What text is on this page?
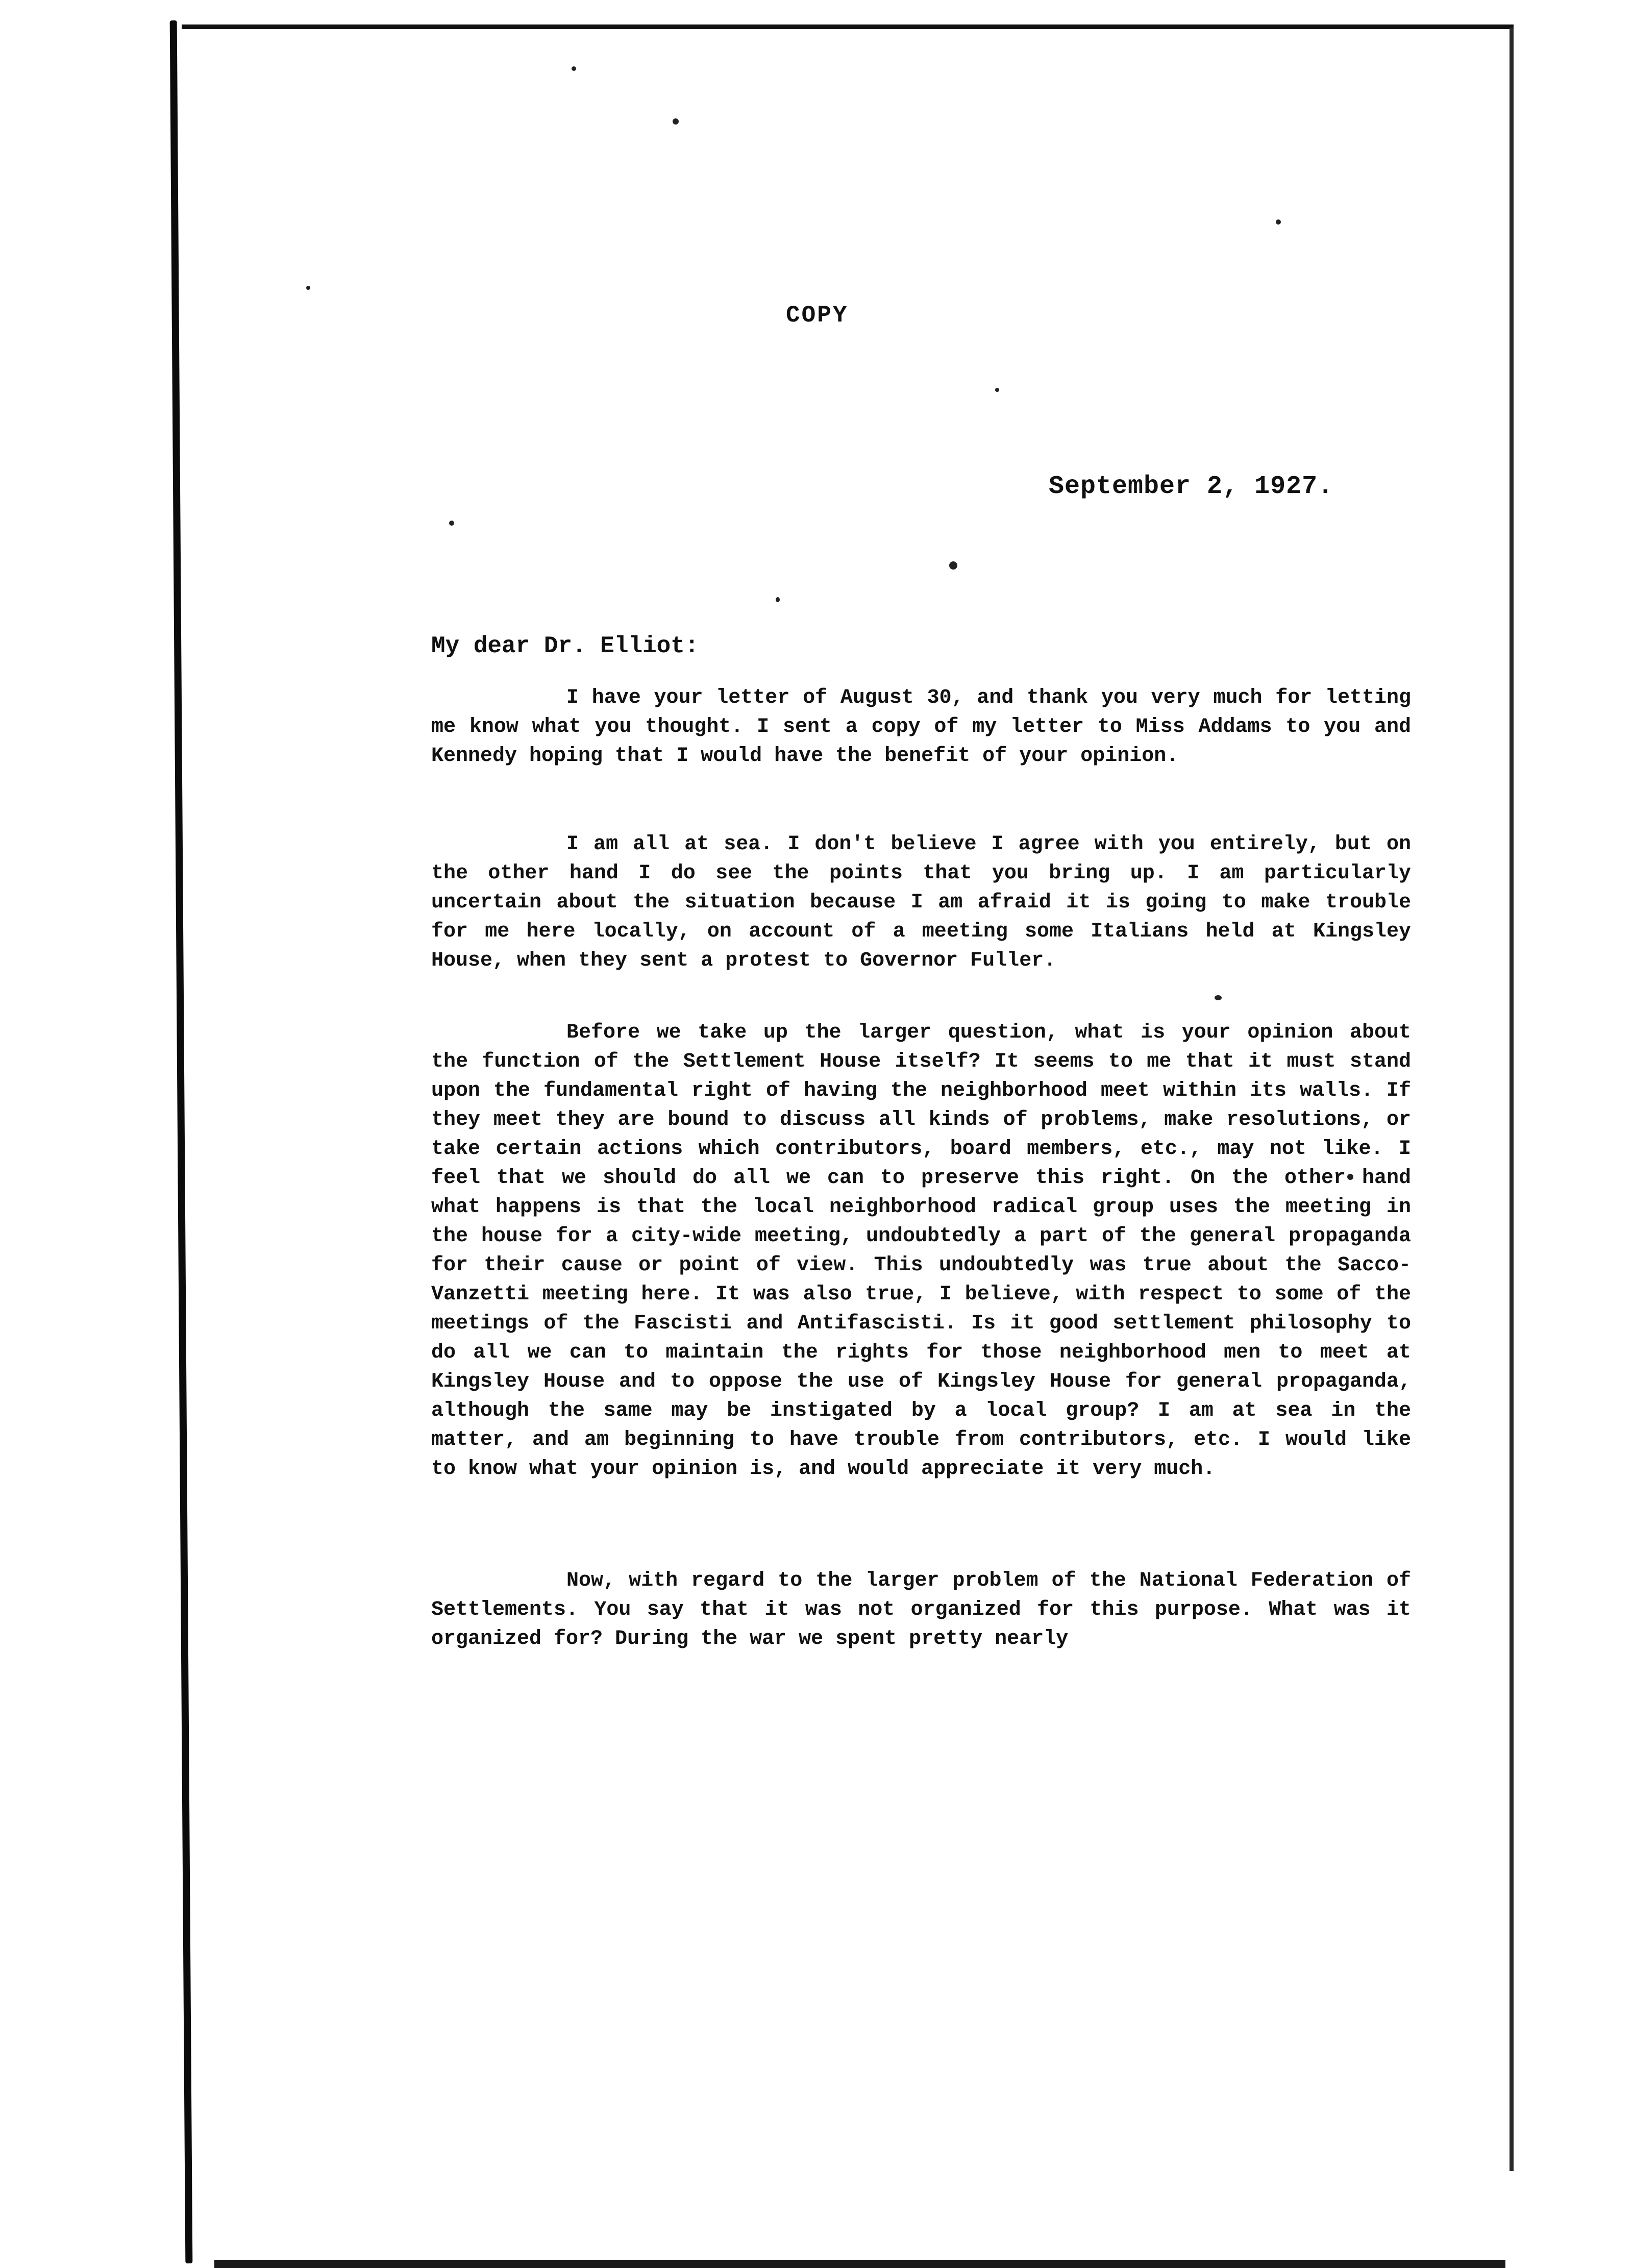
COPY
September 2, 1927.
My dear Dr. Elliot:

I have your letter of August 30, and thank you very much for letting me know what you thought. I sent a copy of my letter to Miss Addams to you and Kennedy hoping that I would have the benefit of your opinion.

I am all at sea. I don't believe I agree with you entirely, but on the other hand I do see the points that you bring up. I am particularly uncertain about the situation because I am afraid it is going to make trouble for me here locally, on account of a meeting some Italians held at Kingsley House, when they sent a protest to Governor Fuller.

Before we take up the larger question, what is your opinion about the function of the Settlement House itself? It seems to me that it must stand upon the fundamental right of having the neighborhood meet within its walls. If they meet they are bound to discuss all kinds of problems, make resolutions, or take certain actions which contributors, board members, etc., may not like. I feel that we should do all we can to preserve this right. On the other hand what happens is that the local neighborhood radical group uses the meeting in the house for a city-wide meeting, undoubtedly a part of the general propaganda for their cause or point of view. This undoubtedly was true about the Sacco-Vanzetti meeting here. It was also true, I believe, with respect to some of the meetings of the Fascisti and Antifascisti. Is it good settlement philosophy to do all we can to maintain the rights for those neighborhood men to meet at Kingsley House and to oppose the use of Kingsley House for general propaganda, although the same may be instigated by a local group? I am at sea in the matter, and am beginning to have trouble from contributors, etc. I would like to know what your opinion is, and would appreciate it very much.

Now, with regard to the larger problem of the National Federation of Settlements. You say that it was not organized for this purpose. What was it organized for? During the war we spent pretty nearly
